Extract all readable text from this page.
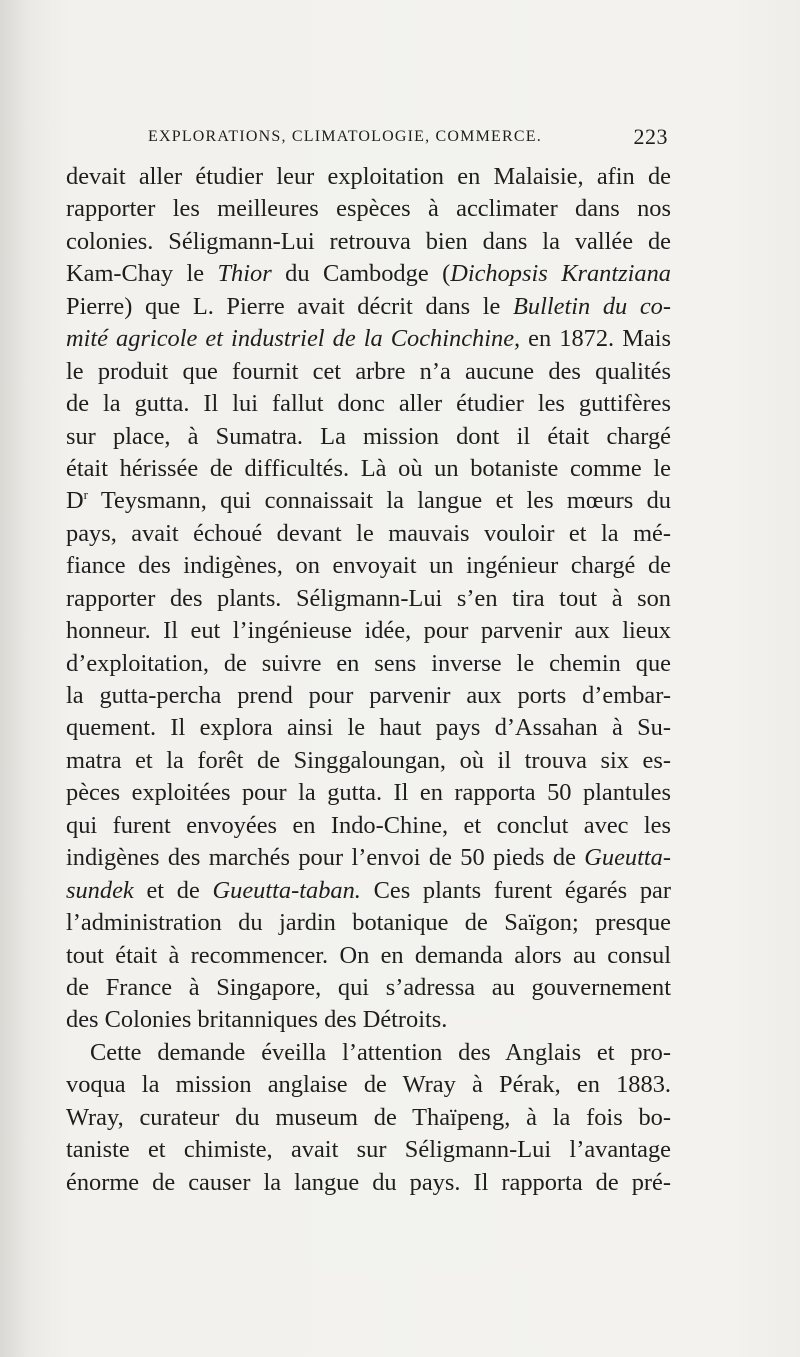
EXPLORATIONS, CLIMATOLOGIE, COMMERCE.	223
devait aller étudier leur exploitation en Malaisie, afin de
rapporter les meilleures espèces à acclimater dans nos
colonies. Séligmann-Lui retrouva bien dans la vallée de
Kam-Chay le Thior du Cambodge (Dichopsis Krantziana
Pierre) que L. Pierre avait décrit dans le Bulletin du co-
mité agricole et industriel de la Cochinchine, en 1872. Mais
le produit que fournit cet arbre n’a aucune des qualités
de la gutta. Il lui fallut donc aller étudier les guttifères
sur place, à Sumatra. La mission dont il était chargé
était hérissée de difficultés. Là où un botaniste comme le
$D^r$ Teysmann, qui connaissait la langue et les mœurs du
pays, avait échoué devant le mauvais vouloir et la mé-
fiance des indigènes, on envoyait un ingénieur chargé de
rapporter des plants. Séligmann-Lui s’en tira tout à son
honneur. Il eut l’ingénieuse idée, pour parvenir aux lieux
d’exploitation, de suivre en sens inverse le chemin que
la gutta-percha prend pour parvenir aux ports d’embar-
quement. Il explora ainsi le haut pays d’Assahan à Su-
matra et la forêt de Singgaloungan, où il trouva six es-
pèces exploitées pour la gutta. Il en rapporta 50 plantules
qui furent envoyées en Indo-Chine, et conclut avec les
indigènes des marchés pour l’envoi de 50 pieds de Gueutta-
sundek et de Gueutta-taban. Ces plants furent égarés par
l’administration du jardin botanique de Saïgon; presque
tout était à recommencer. On en demanda alors au consul
de France à Singapore, qui s’adressa au gouvernement
des Colonies britanniques des Détroits.
Cette demande éveilla l’attention des Anglais et pro-
voqua la mission anglaise de Wray à Pérak, en 1883.
Wray, curateur du museum de Thaïpeng, à la fois bo-
taniste et chimiste, avait sur Séligmann-Lui l’avantage
énorme de causer la langue du pays. Il rapporta de pré-
